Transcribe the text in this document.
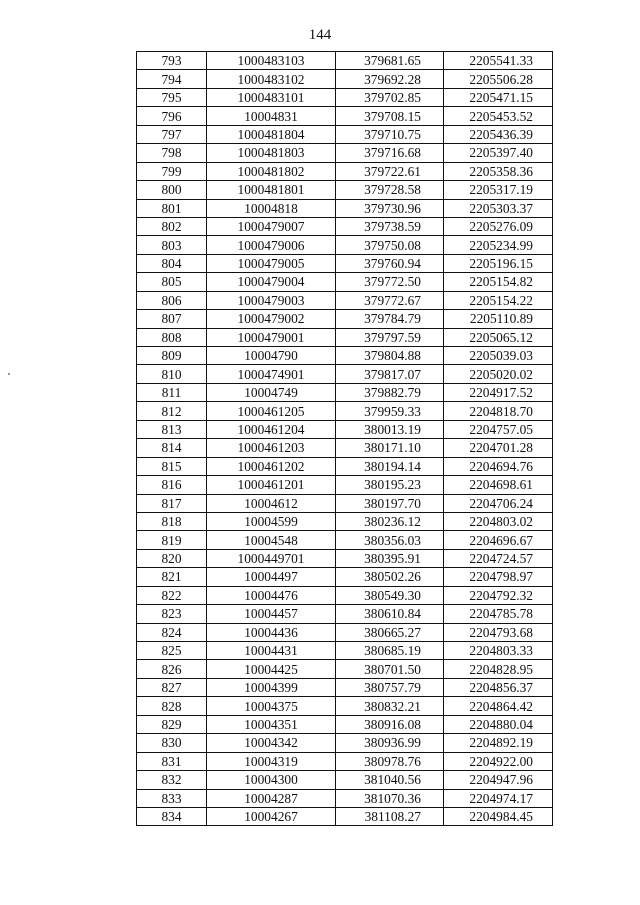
144
793	1000483103	379681.65	2205541.33
794	1000483102	379692.28	2205506.28
795	1000483101	379702.85	2205471.15
796	10004831	379708.15	2205453.52
797	1000481804	379710.75	2205436.39
798	1000481803	379716.68	2205397.40
799	1000481802	379722.61	2205358.36
800	1000481801	379728.58	2205317.19
801	10004818	379730.96	2205303.37
802	1000479007	379738.59	2205276.09
803	1000479006	379750.08	2205234.99
804	1000479005	379760.94	2205196.15
805	1000479004	379772.50	2205154.82
806	1000479003	379772.67	2205154.22
807	1000479002	379784.79	2205110.89
808	1000479001	379797.59	2205065.12
809	10004790	379804.88	2205039.03
810	1000474901	379817.07	2205020.02
811	10004749	379882.79	2204917.52
812	1000461205	379959.33	2204818.70
813	1000461204	380013.19	2204757.05
814	1000461203	380171.10	2204701.28
815	1000461202	380194.14	2204694.76
816	1000461201	380195.23	2204698.61
817	10004612	380197.70	2204706.24
818	10004599	380236.12	2204803.02
819	10004548	380356.03	2204696.67
820	1000449701	380395.91	2204724.57
821	10004497	380502.26	2204798.97
822	10004476	380549.30	2204792.32
823	10004457	380610.84	2204785.78
824	10004436	380665.27	2204793.68
825	10004431	380685.19	2204803.33
826	10004425	380701.50	2204828.95
827	10004399	380757.79	2204856.37
828	10004375	380832.21	2204864.42
829	10004351	380916.08	2204880.04
830	10004342	380936.99	2204892.19
831	10004319	380978.76	2204922.00
832	10004300	381040.56	2204947.96
833	10004287	381070.36	2204974.17
834	10004267	381108.27	2204984.45
